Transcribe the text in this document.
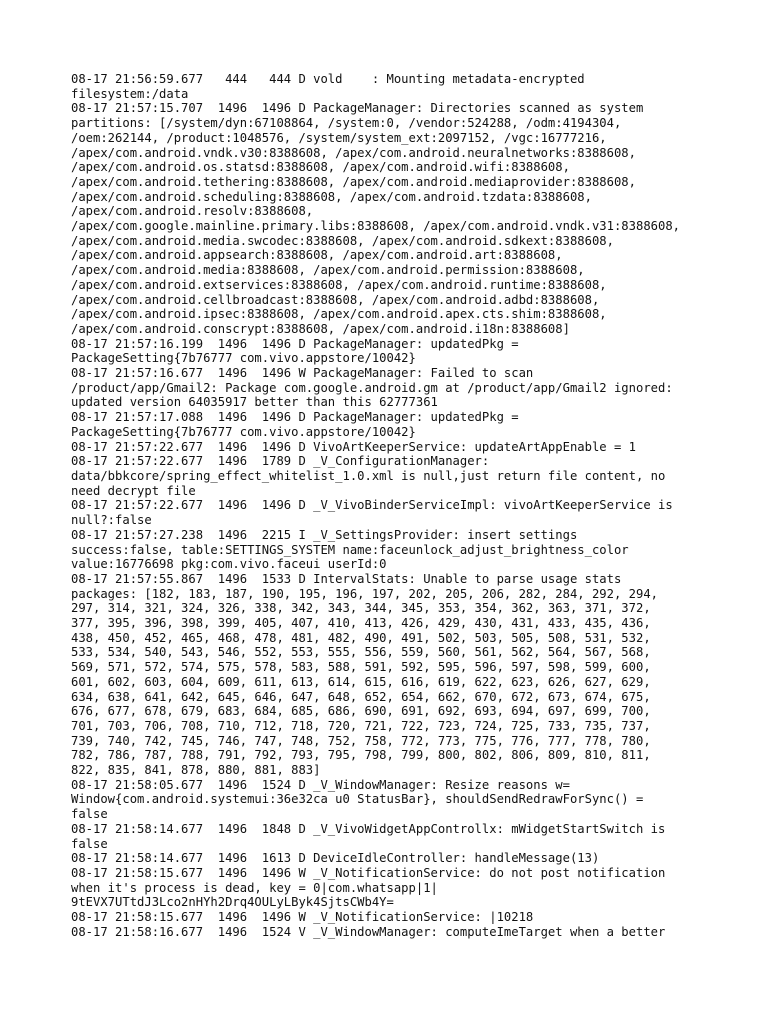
08-17 21:56:59.677   444   444 D vold    : Mounting metadata-encrypted
filesystem:/data
08-17 21:57:15.707  1496  1496 D PackageManager: Directories scanned as system
partitions: [/system/dyn:67108864, /system:0, /vendor:524288, /odm:4194304,
/oem:262144, /product:1048576, /system/system_ext:2097152, /vgc:16777216,
/apex/com.android.vndk.v30:8388608, /apex/com.android.neuralnetworks:8388608,
/apex/com.android.os.statsd:8388608, /apex/com.android.wifi:8388608,
/apex/com.android.tethering:8388608, /apex/com.android.mediaprovider:8388608,
/apex/com.android.scheduling:8388608, /apex/com.android.tzdata:8388608,
/apex/com.android.resolv:8388608,
/apex/com.google.mainline.primary.libs:8388608, /apex/com.android.vndk.v31:8388608,
/apex/com.android.media.swcodec:8388608, /apex/com.android.sdkext:8388608,
/apex/com.android.appsearch:8388608, /apex/com.android.art:8388608,
/apex/com.android.media:8388608, /apex/com.android.permission:8388608,
/apex/com.android.extservices:8388608, /apex/com.android.runtime:8388608,
/apex/com.android.cellbroadcast:8388608, /apex/com.android.adbd:8388608,
/apex/com.android.ipsec:8388608, /apex/com.android.apex.cts.shim:8388608,
/apex/com.android.conscrypt:8388608, /apex/com.android.i18n:8388608]
08-17 21:57:16.199  1496  1496 D PackageManager: updatedPkg =
PackageSetting{7b76777 com.vivo.appstore/10042}
08-17 21:57:16.677  1496  1496 W PackageManager: Failed to scan
/product/app/Gmail2: Package com.google.android.gm at /product/app/Gmail2 ignored:
updated version 64035917 better than this 62777361
08-17 21:57:17.088  1496  1496 D PackageManager: updatedPkg =
PackageSetting{7b76777 com.vivo.appstore/10042}
08-17 21:57:22.677  1496  1496 D VivoArtKeeperService: updateArtAppEnable = 1
08-17 21:57:22.677  1496  1789 D _V_ConfigurationManager:
data/bbkcore/spring_effect_whitelist_1.0.xml is null,just return file content, no
need decrypt file
08-17 21:57:22.677  1496  1496 D _V_VivoBinderServiceImpl: vivoArtKeeperService is
null?:false
08-17 21:57:27.238  1496  2215 I _V_SettingsProvider: insert settings
success:false, table:SETTINGS_SYSTEM name:faceunlock_adjust_brightness_color
value:16776698 pkg:com.vivo.faceui userId:0
08-17 21:57:55.867  1496  1533 D IntervalStats: Unable to parse usage stats
packages: [182, 183, 187, 190, 195, 196, 197, 202, 205, 206, 282, 284, 292, 294,
297, 314, 321, 324, 326, 338, 342, 343, 344, 345, 353, 354, 362, 363, 371, 372,
377, 395, 396, 398, 399, 405, 407, 410, 413, 426, 429, 430, 431, 433, 435, 436,
438, 450, 452, 465, 468, 478, 481, 482, 490, 491, 502, 503, 505, 508, 531, 532,
533, 534, 540, 543, 546, 552, 553, 555, 556, 559, 560, 561, 562, 564, 567, 568,
569, 571, 572, 574, 575, 578, 583, 588, 591, 592, 595, 596, 597, 598, 599, 600,
601, 602, 603, 604, 609, 611, 613, 614, 615, 616, 619, 622, 623, 626, 627, 629,
634, 638, 641, 642, 645, 646, 647, 648, 652, 654, 662, 670, 672, 673, 674, 675,
676, 677, 678, 679, 683, 684, 685, 686, 690, 691, 692, 693, 694, 697, 699, 700,
701, 703, 706, 708, 710, 712, 718, 720, 721, 722, 723, 724, 725, 733, 735, 737,
739, 740, 742, 745, 746, 747, 748, 752, 758, 772, 773, 775, 776, 777, 778, 780,
782, 786, 787, 788, 791, 792, 793, 795, 798, 799, 800, 802, 806, 809, 810, 811,
822, 835, 841, 878, 880, 881, 883]
08-17 21:58:05.677  1496  1524 D _V_WindowManager: Resize reasons w=
Window{com.android.systemui:36e32ca u0 StatusBar}, shouldSendRedrawForSync() =
false
08-17 21:58:14.677  1496  1848 D _V_VivoWidgetAppControllx: mWidgetStartSwitch is
false
08-17 21:58:14.677  1496  1613 D DeviceIdleController: handleMessage(13)
08-17 21:58:15.677  1496  1496 W _V_NotificationService: do not post notification
when it's process is dead, key = 0|com.whatsapp|1|
9tEVX7UTtdJ3Lco2nHYh2Drq4OULyLByk4SjtsCWb4Y=
08-17 21:58:15.677  1496  1496 W _V_NotificationService: |10218
08-17 21:58:16.677  1496  1524 V _V_WindowManager: computeImeTarget when a better
